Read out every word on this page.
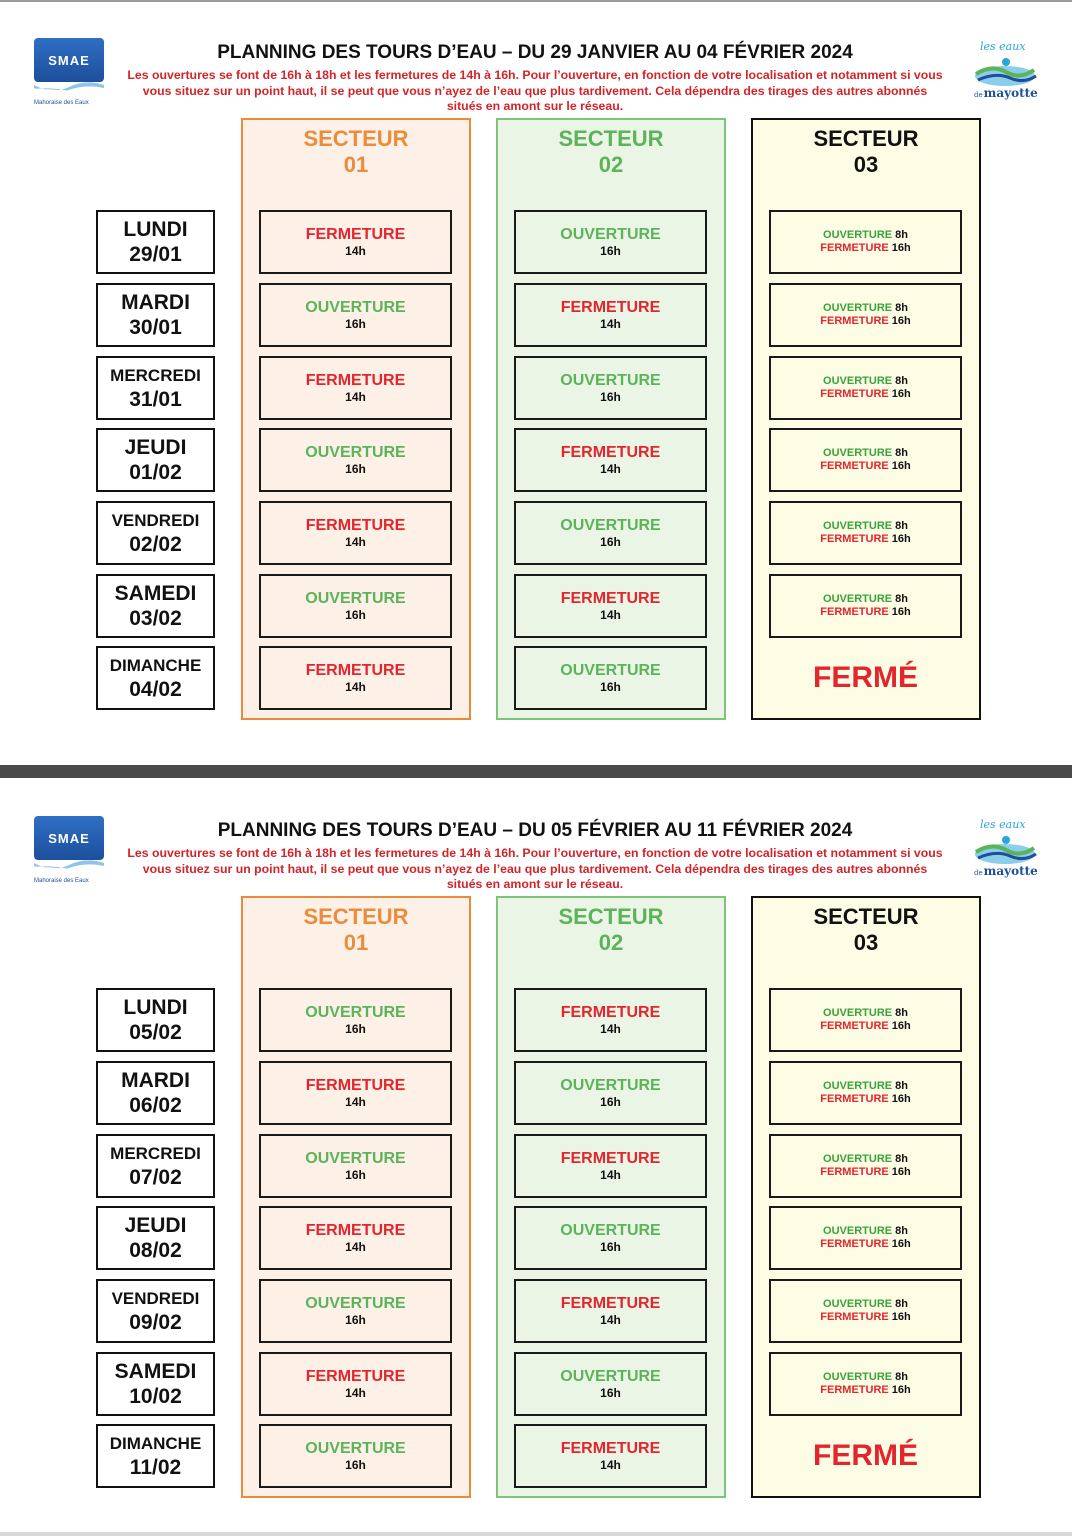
SMAE
Mahoraise des Eaux
les eaux
demayotte
PLANNING DES TOURS D’EAU – DU 29 JANVIER AU 04 FÉVRIER 2024
Les ouvertures se font de 16h à 18h et les fermetures de 14h à 16h. Pour l’ouverture, en fonction de votre localisation et notamment si vous vous situez sur un point haut, il se peut que vous n’ayez de l’eau que plus tardivement. Cela dépendra des tirages des autres abonnés situés en amont sur le réseau.
SECTEUR
01
SECTEUR
02
SECTEUR
03
LUNDI
29/01
FERMETURE
14h
OUVERTURE
16h
OUVERTURE 8h
FERMETURE 16h
MARDI
30/01
OUVERTURE
16h
FERMETURE
14h
OUVERTURE 8h
FERMETURE 16h
MERCREDI
31/01
FERMETURE
14h
OUVERTURE
16h
OUVERTURE 8h
FERMETURE 16h
JEUDI
01/02
OUVERTURE
16h
FERMETURE
14h
OUVERTURE 8h
FERMETURE 16h
VENDREDI
02/02
FERMETURE
14h
OUVERTURE
16h
OUVERTURE 8h
FERMETURE 16h
SAMEDI
03/02
OUVERTURE
16h
FERMETURE
14h
OUVERTURE 8h
FERMETURE 16h
DIMANCHE
04/02
FERMETURE
14h
OUVERTURE
16h	FERMÉ
SMAE
Mahoraise des Eaux
les eaux
demayotte
PLANNING DES TOURS D’EAU – DU 05 FÉVRIER AU 11 FÉVRIER 2024
Les ouvertures se font de 16h à 18h et les fermetures de 14h à 16h. Pour l’ouverture, en fonction de votre localisation et notamment si vous vous situez sur un point haut, il se peut que vous n’ayez de l’eau que plus tardivement. Cela dépendra des tirages des autres abonnés situés en amont sur le réseau.
SECTEUR
01
SECTEUR
02
SECTEUR
03
LUNDI
05/02
OUVERTURE
16h
FERMETURE
14h
OUVERTURE 8h
FERMETURE 16h
MARDI
06/02
FERMETURE
14h
OUVERTURE
16h
OUVERTURE 8h
FERMETURE 16h
MERCREDI
07/02
OUVERTURE
16h
FERMETURE
14h
OUVERTURE 8h
FERMETURE 16h
JEUDI
08/02
FERMETURE
14h
OUVERTURE
16h
OUVERTURE 8h
FERMETURE 16h
VENDREDI
09/02
OUVERTURE
16h
FERMETURE
14h
OUVERTURE 8h
FERMETURE 16h
SAMEDI
10/02
FERMETURE
14h
OUVERTURE
16h
OUVERTURE 8h
FERMETURE 16h
DIMANCHE
11/02
OUVERTURE
16h
FERMETURE
14h	FERMÉ
